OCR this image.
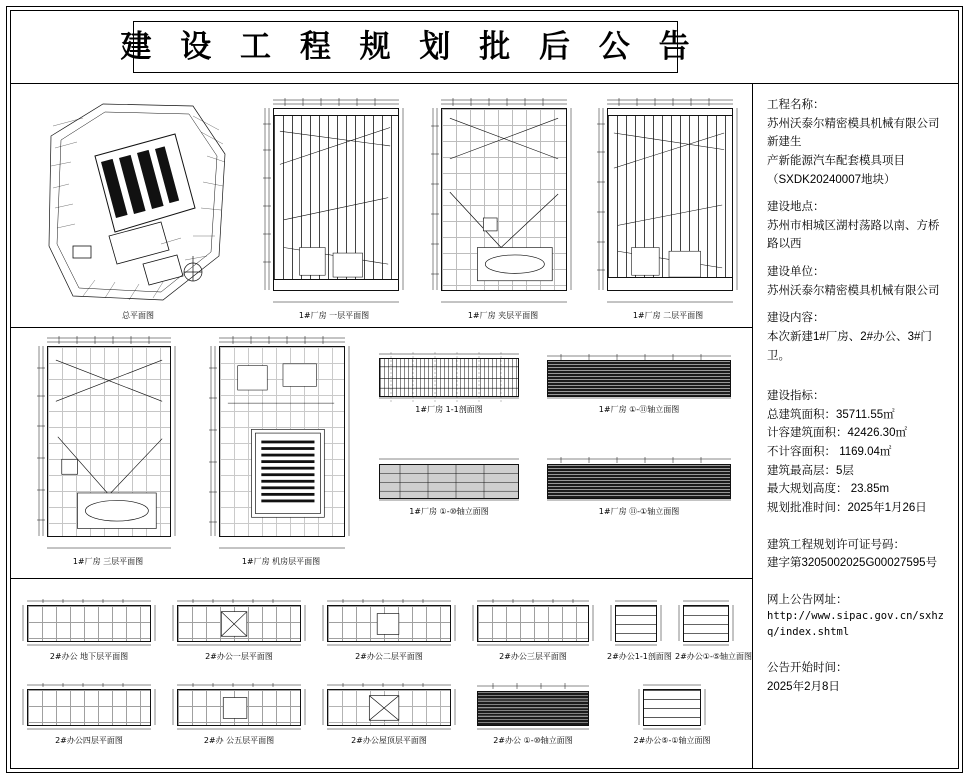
建 设 工 程 规 划 批 后 公 告
总平面图	1#厂房 一层平面图	1#厂房 夹层平面图	1#厂房 二层平面图
1#厂房 三层平面图	1#厂房 机房层平面图
1#厂房 1-1剖面图	1#厂房 ①-⑪轴立面图
1#厂房 ①-⑩轴立面图	1#厂房 ⑪-①轴立面图
2#办公 地下层平面图	2#办公一层平面图	2#办公二层平面图	2#办公三层平面图	2#办公1-1剖面图 2#办公①-⑤轴立面图
2#办公四层平面图	2#办 公五层平面图	2#办公屋顶层平面图	2#办公 ①-⑩轴立面图	2#办公⑤-①轴立面图

工程名称：

苏州沃泰尔精密模具机械有限公司新建生

产新能源汽车配套模具项目

（SXDK20240007地块）

建设地点：

苏州市相城区湖村荡路以南、方桥路以西

建设单位：

苏州沃泰尔精密模具机械有限公司

建设内容：

本次新建1#厂房、2#办公、3#门卫。

建设指标：

总建筑面积：35711.55㎡

计容建筑面积：42426.30㎡

不计容面积： 1169.04㎡

建筑最高层：5层

最大规划高度： 23.85m

规划批准时间：2025年1月26日

建筑工程规划许可证号码：

建字第3205002025G00027595号

网上公告网址：

http://www.sipac.gov.cn/sxhzq/index.shtml

公告开始时间：

2025年2月8日
